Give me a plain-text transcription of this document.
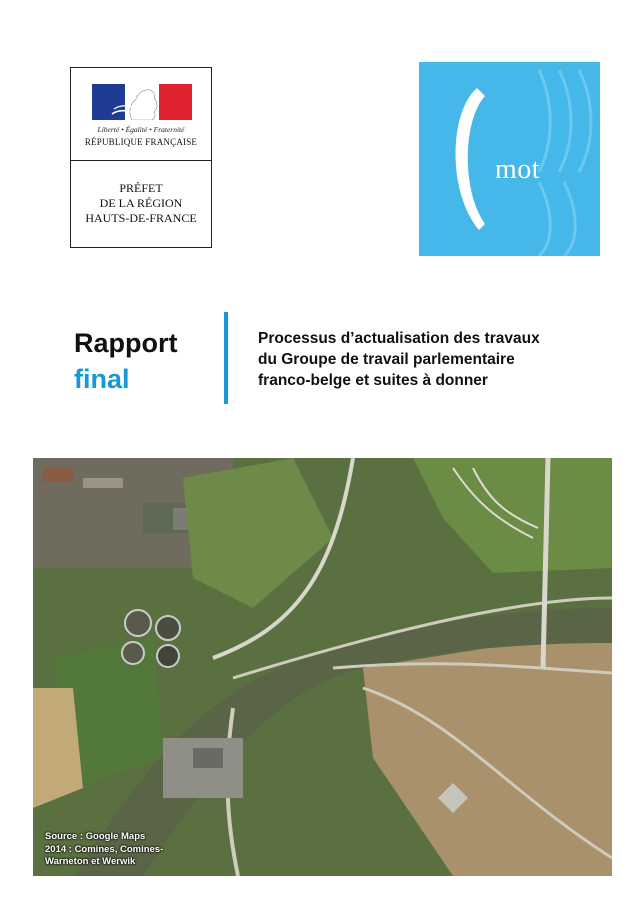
Liberté • Égalité • Fraternité
RÉPUBLIQUE FRANÇAISE
PRÉFET
DE LA RÉGION
HAUTS-DE-FRANCE
mot
Rapport
final
Processus d’actualisation des travaux
du Groupe de travail parlementaire
franco-belge et suites à donner
Source : Google Maps
2014 : Comines, Comines-
Warneton et Werwik
